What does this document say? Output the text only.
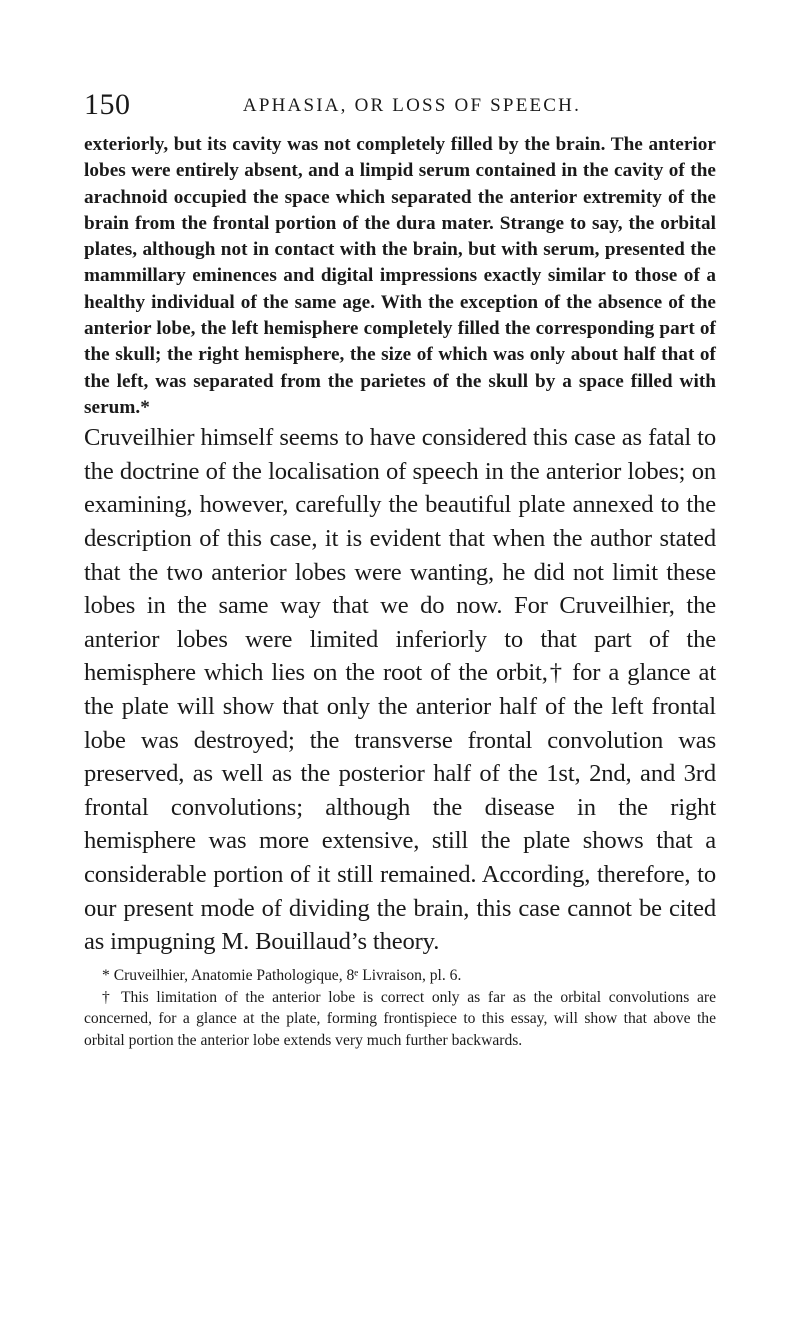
150	APHASIA, OR LOSS OF SPEECH.

exteriorly, but its cavity was not completely filled by the brain. The anterior lobes were entirely absent, and a limpid serum contained in the cavity of the arachnoid occupied the space which separated the anterior extremity of the brain from the frontal portion of the dura mater. Strange to say, the orbital plates, although not in contact with the brain, but with serum, presented the mammillary eminences and digital impressions exactly similar to those of a healthy individual of the same age. With the exception of the absence of the anterior lobe, the left hemisphere completely filled the corresponding part of the skull; the right hemisphere, the size of which was only about half that of the left, was separated from the parietes of the skull by a space filled with serum.*

Cruveilhier himself seems to have considered this case as fatal to the doctrine of the localisation of speech in the anterior lobes; on examining, however, carefully the beautiful plate annexed to the description of this case, it is evident that when the author stated that the two anterior lobes were wanting, he did not limit these lobes in the same way that we do now. For Cruveilhier, the anterior lobes were limited inferiorly to that part of the hemisphere which lies on the root of the orbit,† for a glance at the plate will show that only the anterior half of the left frontal lobe was destroyed; the transverse frontal convolution was preserved, as well as the posterior half of the 1st, 2nd, and 3rd frontal convolutions; although the disease in the right hemisphere was more extensive, still the plate shows that a considerable portion of it still remained. According, therefore, to our present mode of dividing the brain, this case cannot be cited as impugning M. Bouillaud’s theory.

* Cruveilhier, Anatomie Pathologique, 8ᵉ Livraison, pl. 6.

† This limitation of the anterior lobe is correct only as far as the orbital convolutions are concerned, for a glance at the plate, forming frontispiece to this essay, will show that above the orbital portion the anterior lobe extends very much further backwards.
